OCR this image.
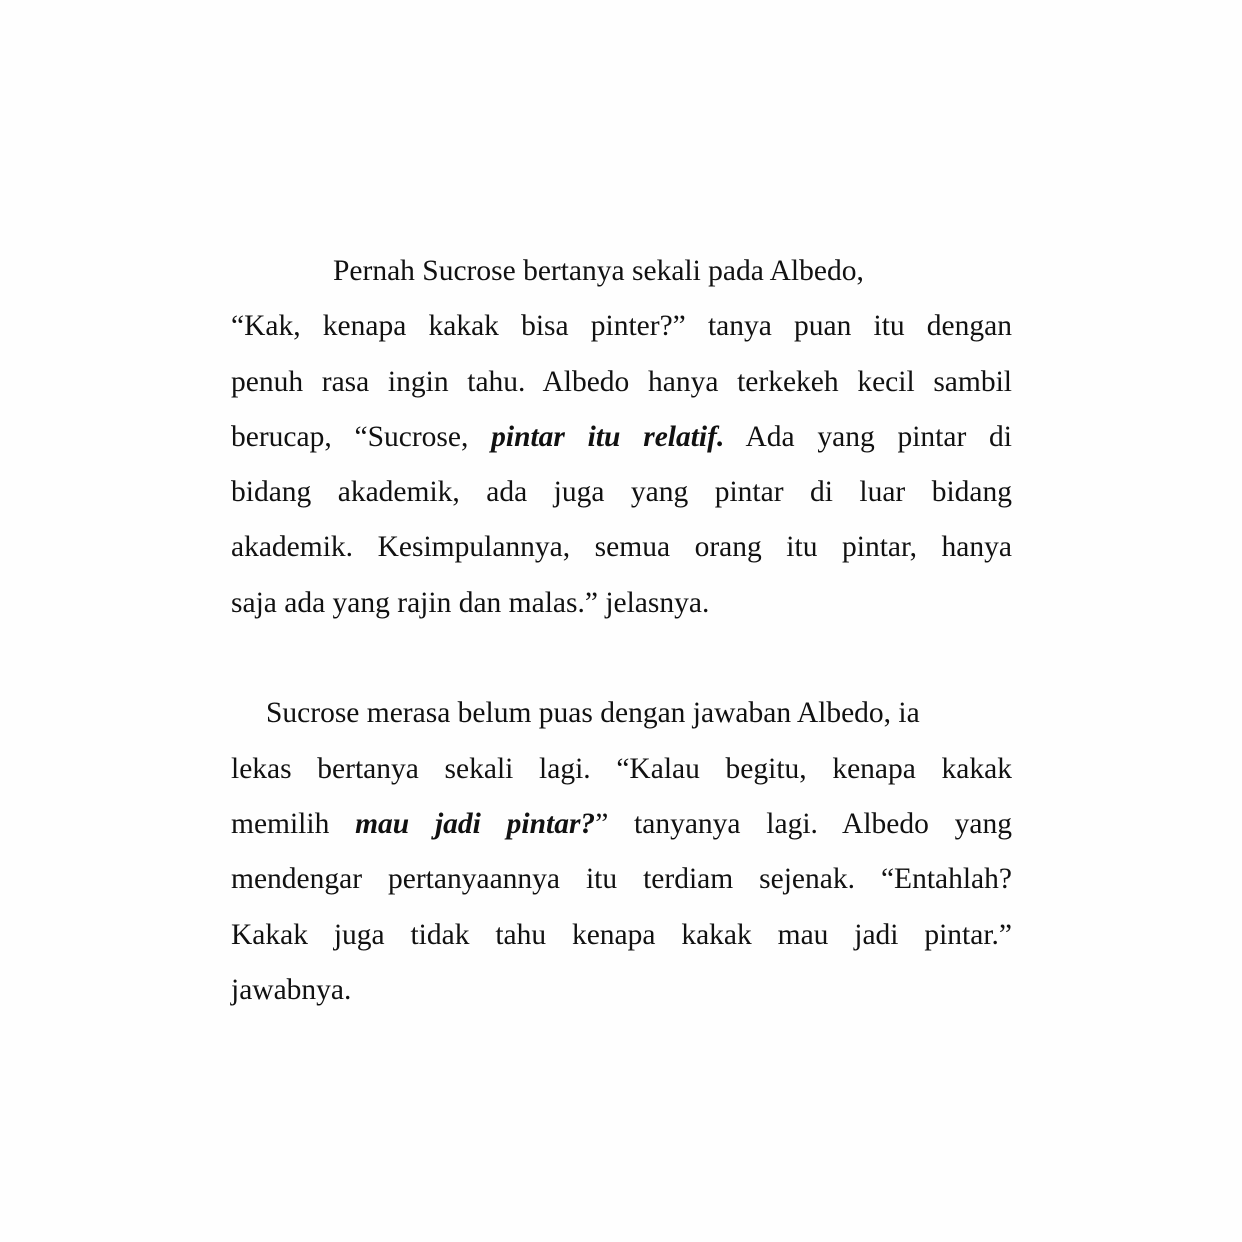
Pernah Sucrose bertanya sekali pada Albedo,
“Kak, kenapa kakak bisa pinter?” tanya puan itu dengan
penuh rasa ingin tahu. Albedo hanya terkekeh kecil sambil
berucap, “Sucrose, pintar itu relatif. Ada yang pintar di
bidang akademik, ada juga yang pintar di luar bidang
akademik. Kesimpulannya, semua orang itu pintar, hanya
saja ada yang rajin dan malas.” jelasnya.
Sucrose merasa belum puas dengan jawaban Albedo, ia
lekas bertanya sekali lagi. “Kalau begitu, kenapa kakak
memilih mau jadi pintar?” tanyanya lagi. Albedo yang
mendengar pertanyaannya itu terdiam sejenak. “Entahlah?
Kakak juga tidak tahu kenapa kakak mau jadi pintar.”
jawabnya.
